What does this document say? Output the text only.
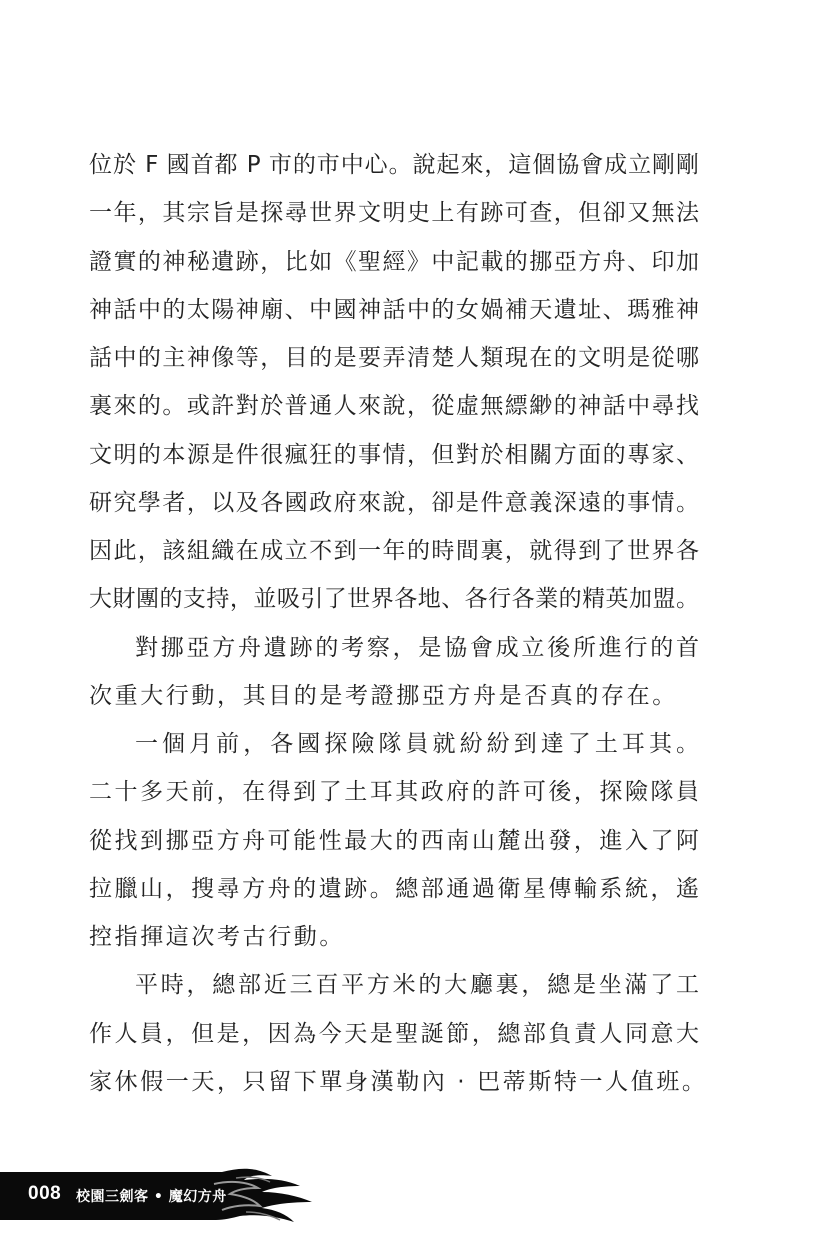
位於 F 國首都 P 市的市中心。說起來，這個協會成立剛剛
一年，其宗旨是探尋世界文明史上有跡可查，但卻又無法
證實的神秘遺跡，比如《聖經》中記載的挪亞方舟、印加
神話中的太陽神廟、中國神話中的女媧補天遺址、瑪雅神
話中的主神像等，目的是要弄清楚人類現在的文明是從哪
裏來的。或許對於普通人來說，從虛無縹緲的神話中尋找
文明的本源是件很瘋狂的事情，但對於相關方面的專家、
研究學者，以及各國政府來說，卻是件意義深遠的事情。
因此，該組織在成立不到一年的時間裏，就得到了世界各
大財團的支持，並吸引了世界各地、各行各業的精英加盟。
對挪亞方舟遺跡的考察，是協會成立後所進行的首
次重大行動，其目的是考證挪亞方舟是否真的存在。
一個月前，各國探險隊員就紛紛到達了土耳其。
二十多天前，在得到了土耳其政府的許可後，探險隊員
從找到挪亞方舟可能性最大的西南山麓出發，進入了阿
拉臘山，搜尋方舟的遺跡。總部通過衛星傳輸系統，遙
控指揮這次考古行動。
平時，總部近三百平方米的大廳裏，總是坐滿了工
作人員，但是，因為今天是聖誕節，總部負責人同意大
家休假一天，只留下單身漢勒內 · 巴蒂斯特一人值班。
008 校園三劍客 • 魔幻方舟
